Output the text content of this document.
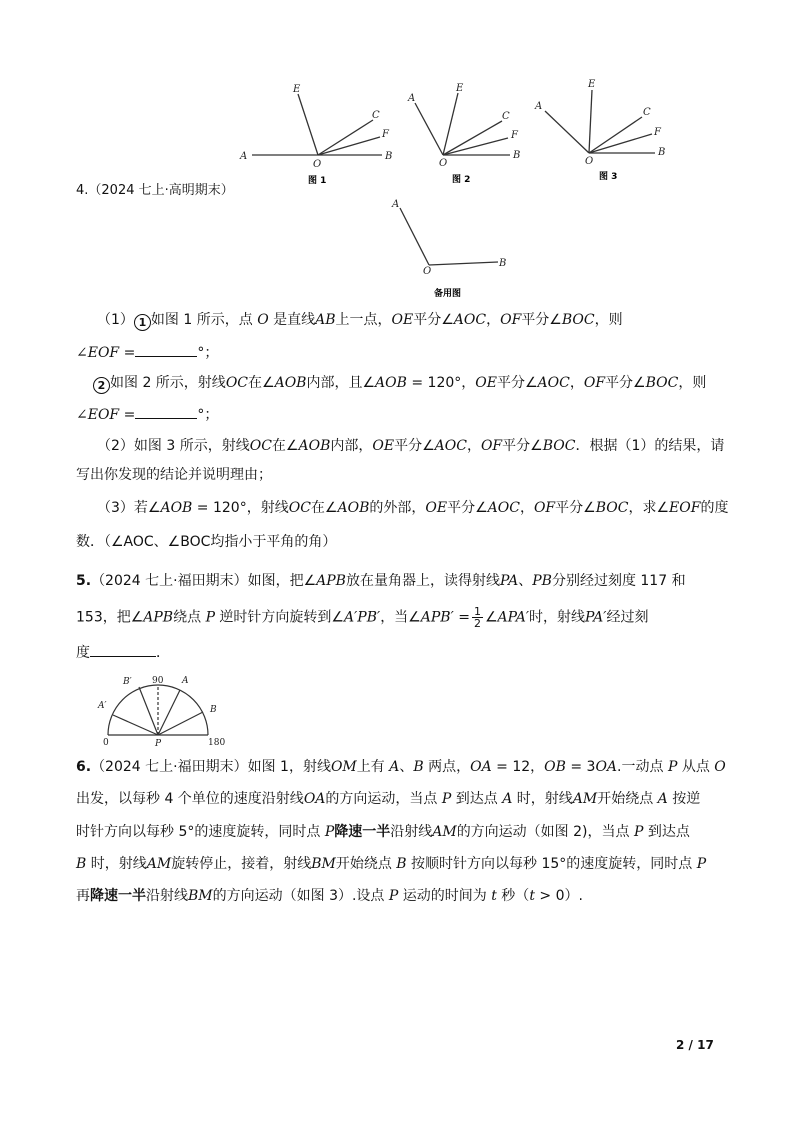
E
C
F
A
O
B
图 1
A
E
C
F
O
B
图 2
E
A
C
F
O
B
图 3
4.（2024 七上·高明期末）
A
O
B
备用图
（1） 1 如图 1 所示，点 O 是直线AB上一点，OE平分∠AOC，OF平分∠BOC，则
∠EOF =	°；
2 如图 2 所示，射线OC在∠AOB内部，且∠AOB = 120°，OE平分∠AOC，OF平分∠BOC，则
∠EOF =	°；
（2）如图 3 所示，射线OC在∠AOB内部，OE平分∠AOC，OF平分∠BOC．根据（1）的结果，请
写出你发现的结论并说明理由；
（3）若∠AOB = 120°，射线OC在∠AOB的外部，OE平分∠AOC，OF平分∠BOC，求∠EOF的度
数．（∠AOC、∠BOC均指小于平角的角）
5.（2024 七上·福田期末）如图，把∠APB放在量角器上，读得射线PA、PB分别经过刻度 117 和
153，把∠APB绕点 P 逆时针方向旋转到∠A′PB′，当∠APB′ = $\frac{1}{2}$ ∠APA′时，射线PA′经过刻
度	．
B′ 90 A
A′	B
0	P	180
6.（2024 七上·福田期末）如图 1，射线OM上有 A、B 两点，OA = 12，OB = 3OA.一动点 P 从点 O
出发，以每秒 4 个单位的速度沿射线OA的方向运动，当点 P 到达点 A 时，射线AM开始绕点 A 按逆
时针方向以每秒 5°的速度旋转，同时点 P降速一半沿射线AM的方向运动（如图 2)，当点 P 到达点
B 时，射线AM旋转停止，接着，射线BM开始绕点 B 按顺时针方向以每秒 15°的速度旋转，同时点 P
再降速一半沿射线BM的方向运动（如图 3）.设点 P 运动的时间为 t 秒（t > 0）.
2 / 17
